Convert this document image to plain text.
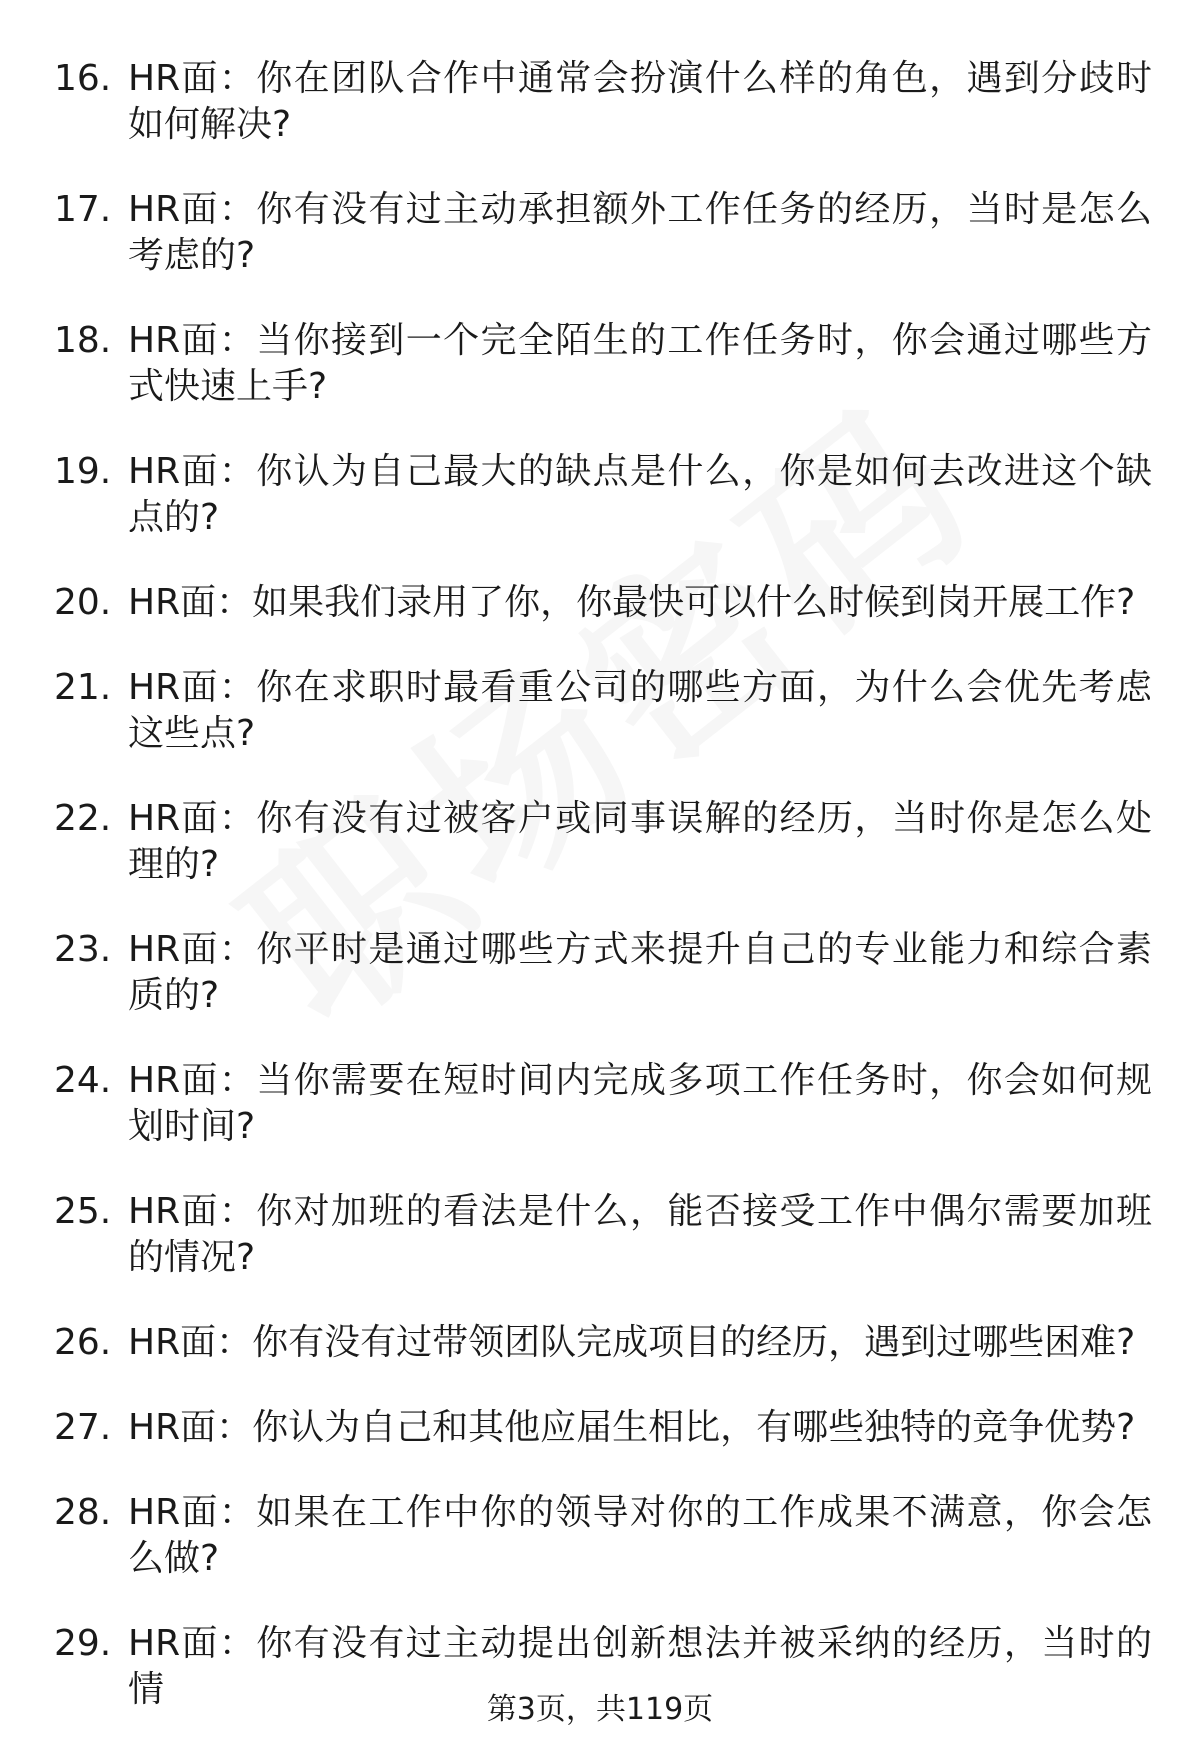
16. HR面：你在团队合作中通常会扮演什么样的角色，遇到分歧时如何解决?
17. HR面：你有没有过主动承担额外工作任务的经历，当时是怎么考虑的?
18. HR面：当你接到一个完全陌生的工作任务时，你会通过哪些方式快速上手?
19. HR面：你认为自己最大的缺点是什么，你是如何去改进这个缺点的?
20. HR面：如果我们录用了你，你最快可以什么时候到岗开展工作?
21. HR面：你在求职时最看重公司的哪些方面，为什么会优先考虑这些点?
22. HR面：你有没有过被客户或同事误解的经历，当时你是怎么处理的?
23. HR面：你平时是通过哪些方式来提升自己的专业能力和综合素质的?
24. HR面：当你需要在短时间内完成多项工作任务时，你会如何规划时间?
25. HR面：你对加班的看法是什么，能否接受工作中偶尔需要加班的情况?
26. HR面：你有没有过带领团队完成项目的经历，遇到过哪些困难?
27. HR面：你认为自己和其他应届生相比，有哪些独特的竞争优势?
28. HR面：如果在工作中你的领导对你的工作成果不满意，你会怎么做?
29. HR面：你有没有过主动提出创新想法并被采纳的经历，当时的情	第3页，共119页
